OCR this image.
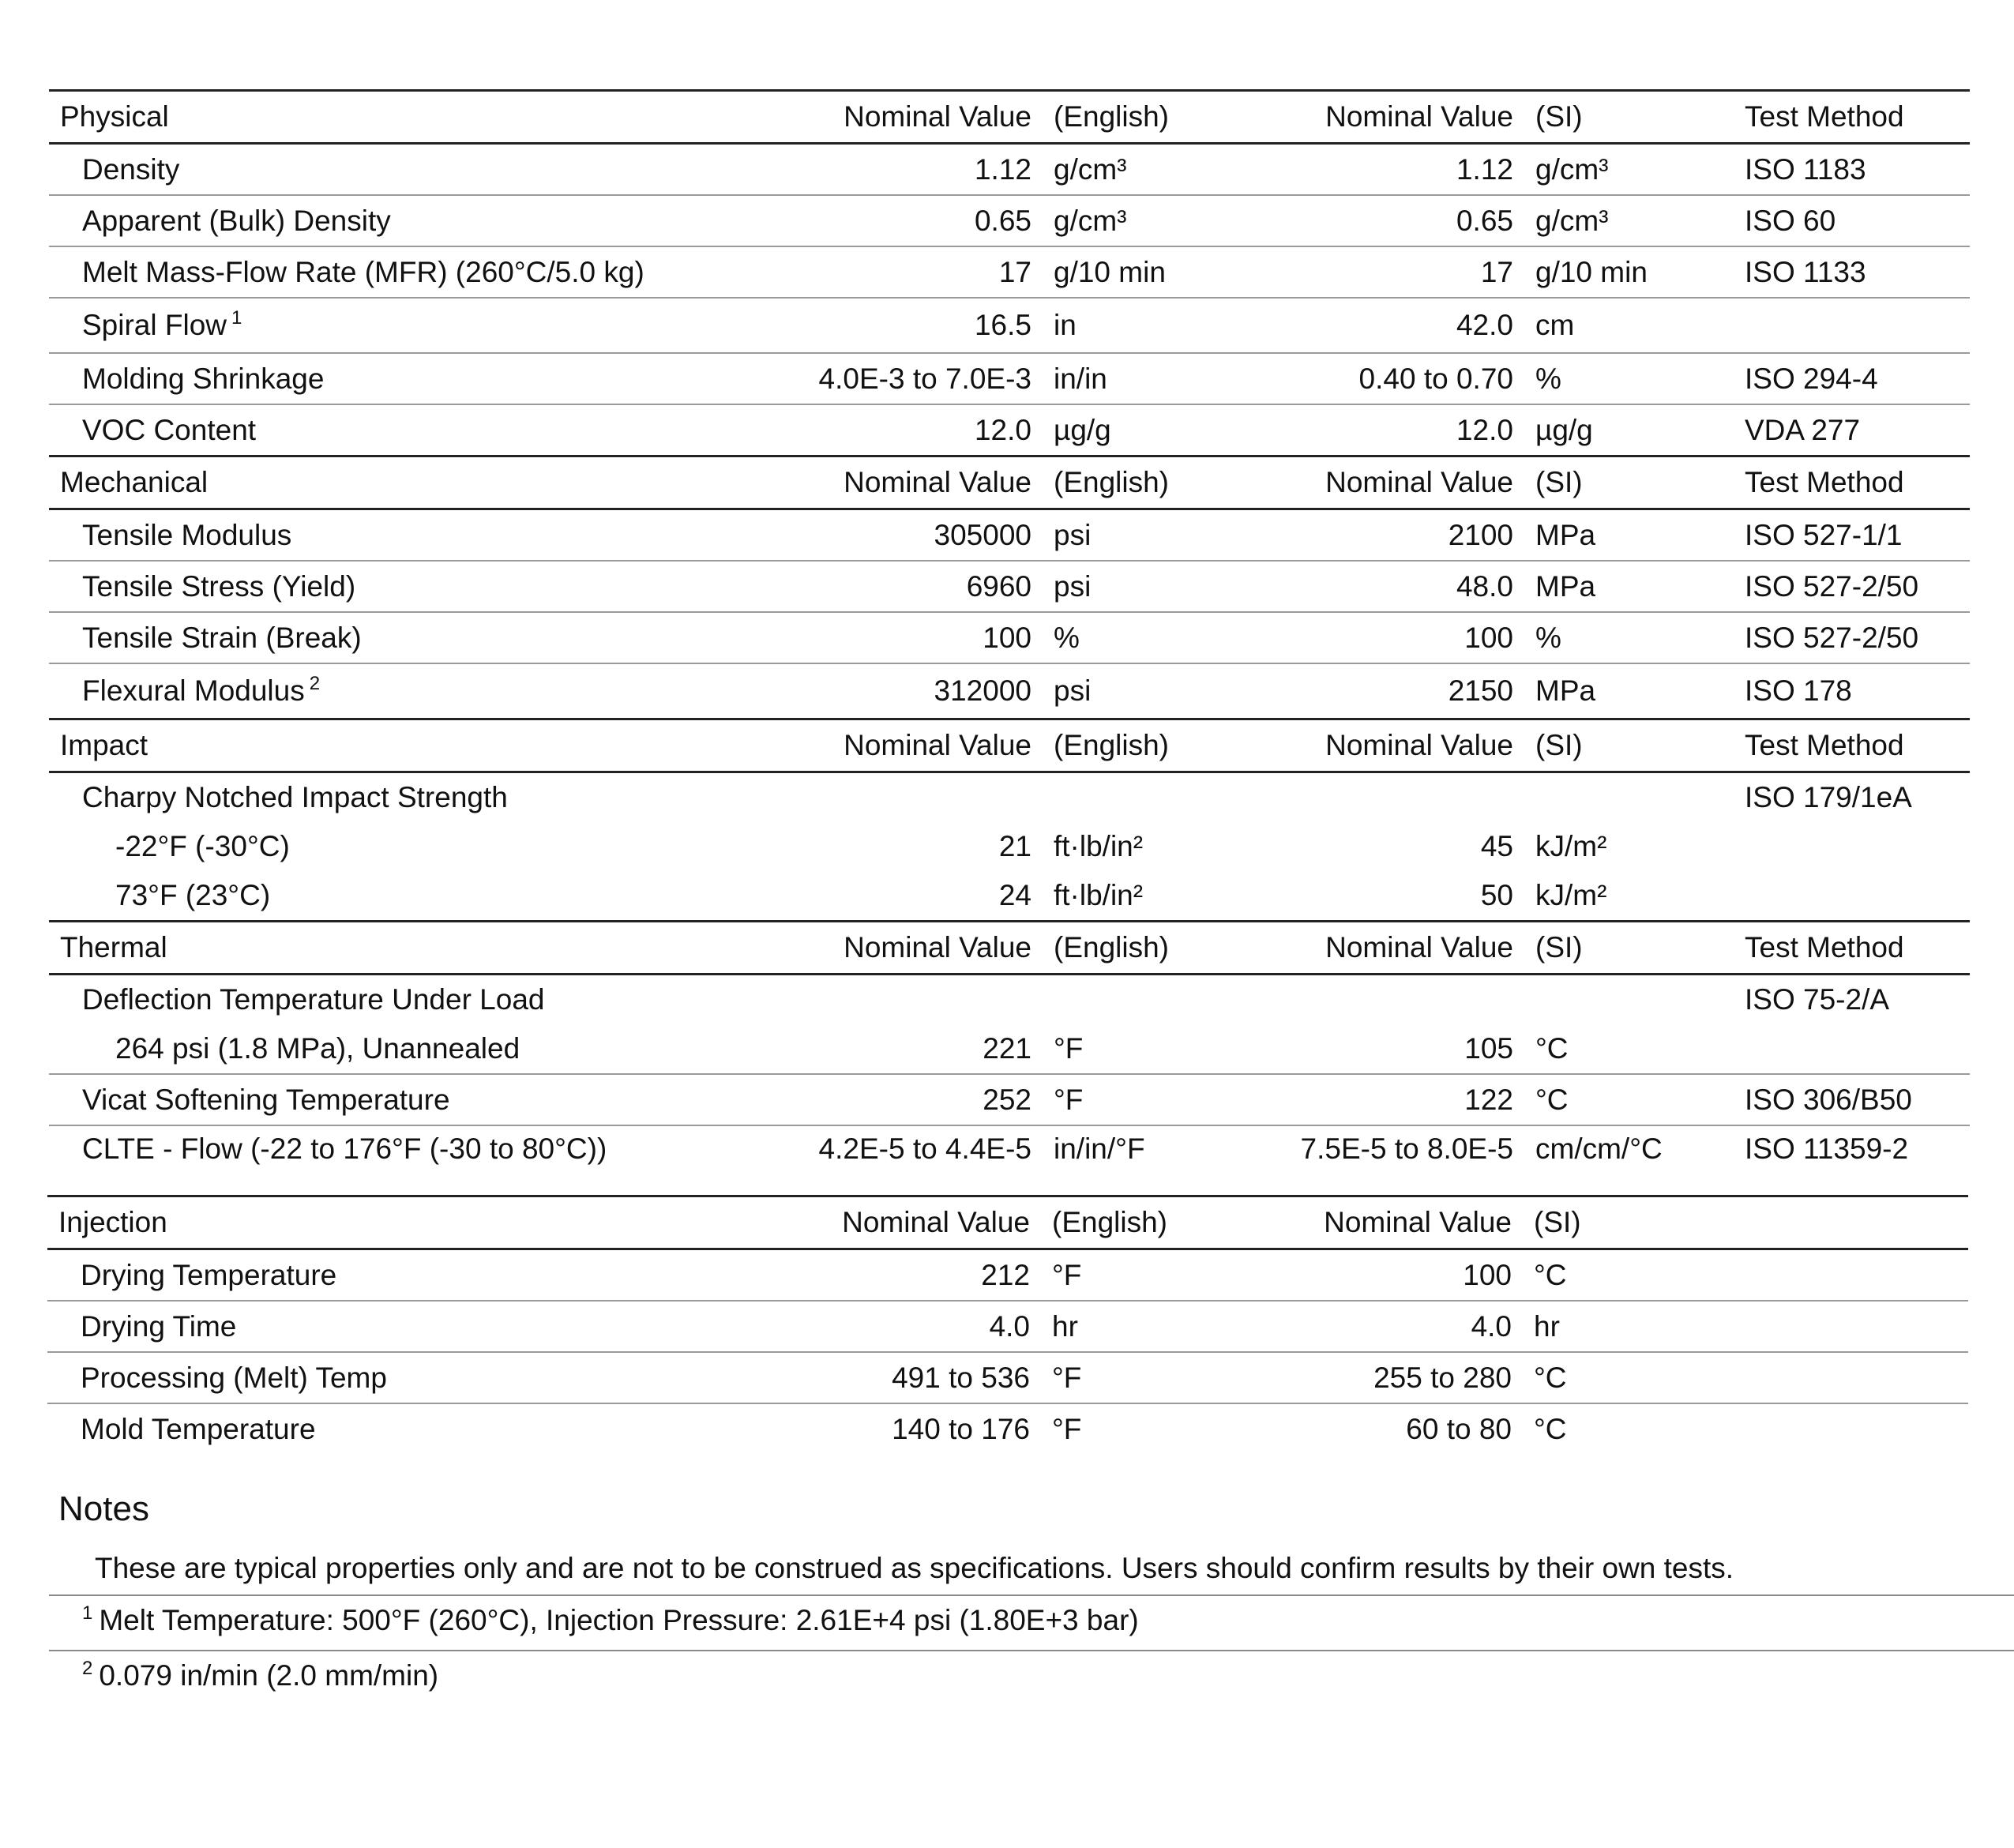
Physical	Nominal Value	(English)	Nominal Value	(SI)	Test Method
Density	1.12	g/cm³	1.12	g/cm³	ISO 1183
Apparent (Bulk) Density	0.65	g/cm³	0.65	g/cm³	ISO 60
Melt Mass-Flow Rate (MFR) (260°C/5.0 kg)	17	g/10 min	17	g/10 min	ISO 1133
Spiral Flow $^1$	16.5	in	42.0	cm	
Molding Shrinkage	4.0E-3 to 7.0E-3	in/in	0.40 to 0.70	%	ISO 294-4
VOC Content	12.0	µg/g	12.0	µg/g	VDA 277
Mechanical	Nominal Value	(English)	Nominal Value	(SI)	Test Method
Tensile Modulus	305000	psi	2100	MPa	ISO 527-1/1
Tensile Stress (Yield)	6960	psi	48.0	MPa	ISO 527-2/50
Tensile Strain (Break)	100	%	100	%	ISO 527-2/50
Flexural Modulus $^2$	312000	psi	2150	MPa	ISO 178
Impact	Nominal Value	(English)	Nominal Value	(SI)	Test Method
Charpy Notched Impact Strength					ISO 179/1eA
-22°F (-30°C)	21	ft·lb/in²	45	kJ/m²	
73°F (23°C)	24	ft·lb/in²	50	kJ/m²	
Thermal	Nominal Value	(English)	Nominal Value	(SI)	Test Method
Deflection Temperature Under Load					ISO 75-2/A
264 psi (1.8 MPa), Unannealed	221	°F	105	°C	
Vicat Softening Temperature	252	°F	122	°C	ISO 306/B50
CLTE - Flow (-22 to 176°F (-30 to 80°C))	4.2E-5 to 4.4E-5	in/in/°F	7.5E-5 to 8.0E-5	cm/cm/°C	ISO 11359-2
Injection	Nominal Value	(English)	Nominal Value	(SI)	
Drying Temperature	212	°F	100	°C	
Drying Time	4.0	hr	4.0	hr	
Processing (Melt) Temp	491 to 536	°F	255 to 280	°C	
Mold Temperature	140 to 176	°F	60 to 80	°C	
Notes
These are typical properties only and are not to be construed as specifications. Users should confirm results by their own tests.
$^1$ Melt Temperature: 500°F (260°C), Injection Pressure: 2.61E+4 psi (1.80E+3 bar)
$^2$ 0.079 in/min (2.0 mm/min)
